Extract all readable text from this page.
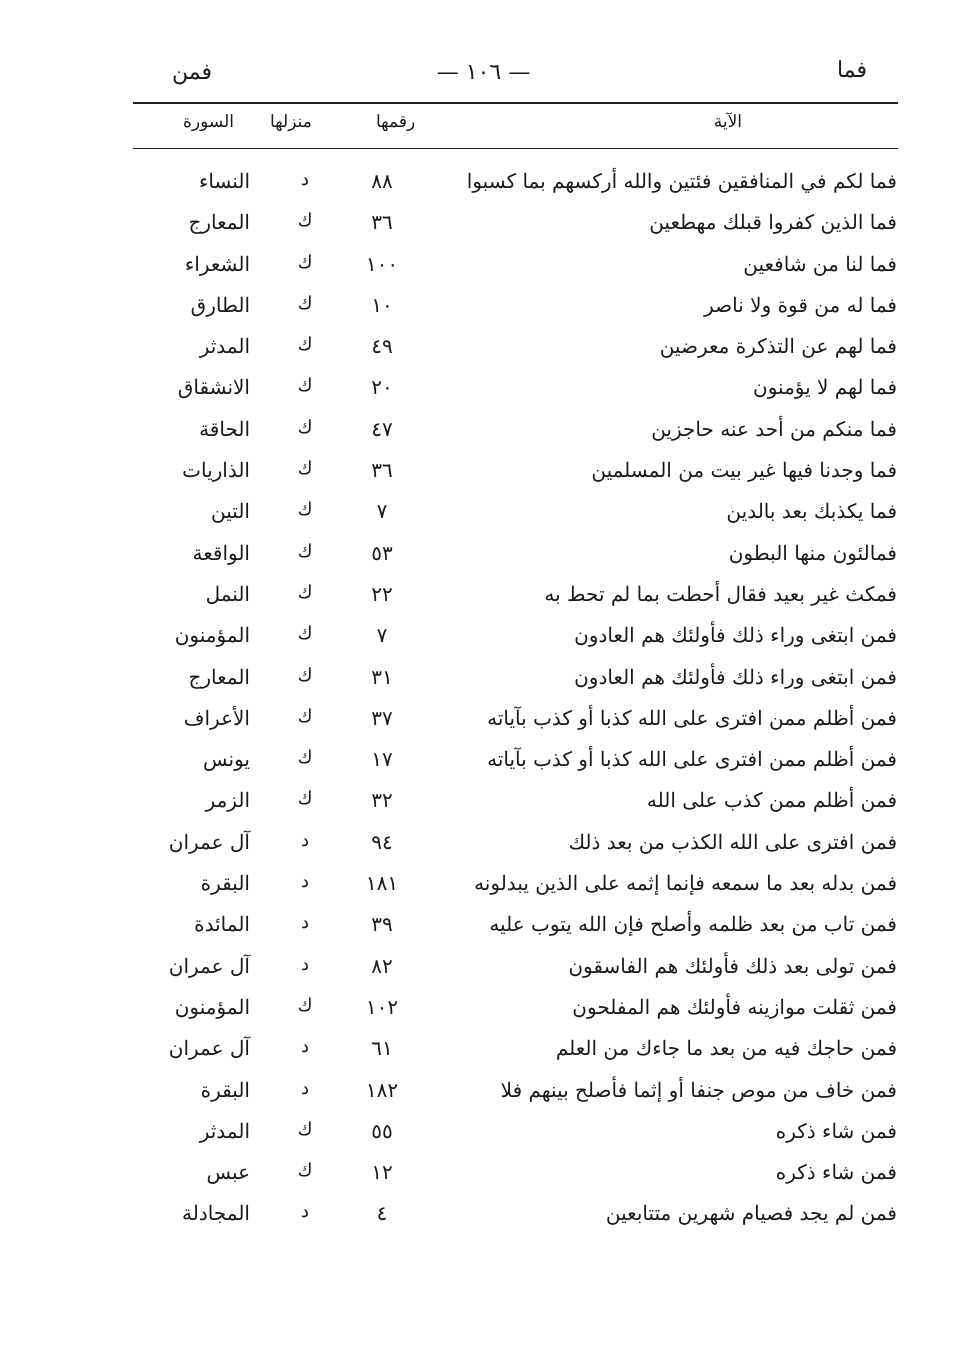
فما
— ١٠٦ —
فمن
الآية
رقمها
منزلها
السورة
فما لكم في المنافقين فئتين والله أركسهم بما كسبوا
٨٨
د
النساء
فما الذين كفروا قبلك مهطعين
٣٦
ك
المعارج
فما لنا من شافعين
١٠٠
ك
الشعراء
فما له من قوة ولا ناصر
١٠
ك
الطارق
فما لهم عن التذكرة معرضين
٤٩
ك
المدثر
فما لهم لا يؤمنون
٢٠
ك
الانشقاق
فما منكم من أحد عنه حاجزين
٤٧
ك
الحاقة
فما وجدنا فيها غير بيت من المسلمين
٣٦
ك
الذاريات
فما يكذبك بعد بالدين
٧
ك
التين
فمالئون منها البطون
٥٣
ك
الواقعة
فمكث غير بعيد فقال أحطت بما لم تحط به
٢٢
ك
النمل
فمن ابتغى وراء ذلك فأولئك هم العادون
٧
ك
المؤمنون
فمن ابتغى وراء ذلك فأولئك هم العادون
٣١
ك
المعارج
فمن أظلم ممن افترى على الله كذبا أو كذب بآياته
٣٧
ك
الأعراف
فمن أظلم ممن افترى على الله كذبا أو كذب بآياته
١٧
ك
يونس
فمن أظلم ممن كذب على الله
٣٢
ك
الزمر
فمن افترى على الله الكذب من بعد ذلك
٩٤
د
آل عمران
فمن بدله بعد ما سمعه فإنما إثمه على الذين يبدلونه
١٨١
د
البقرة
فمن تاب من بعد ظلمه وأصلح فإن الله يتوب عليه
٣٩
د
المائدة
فمن تولى بعد ذلك فأولئك هم الفاسقون
٨٢
د
آل عمران
فمن ثقلت موازينه فأولئك هم المفلحون
١٠٢
ك
المؤمنون
فمن حاجك فيه من بعد ما جاءك من العلم
٦١
د
آل عمران
فمن خاف من موص جنفا أو إثما فأصلح بينهم فلا
١٨٢
د
البقرة
فمن شاء ذكره
٥٥
ك
المدثر
فمن شاء ذكره
١٢
ك
عبس
فمن لم يجد فصيام شهرين متتابعين
٤
د
المجادلة
